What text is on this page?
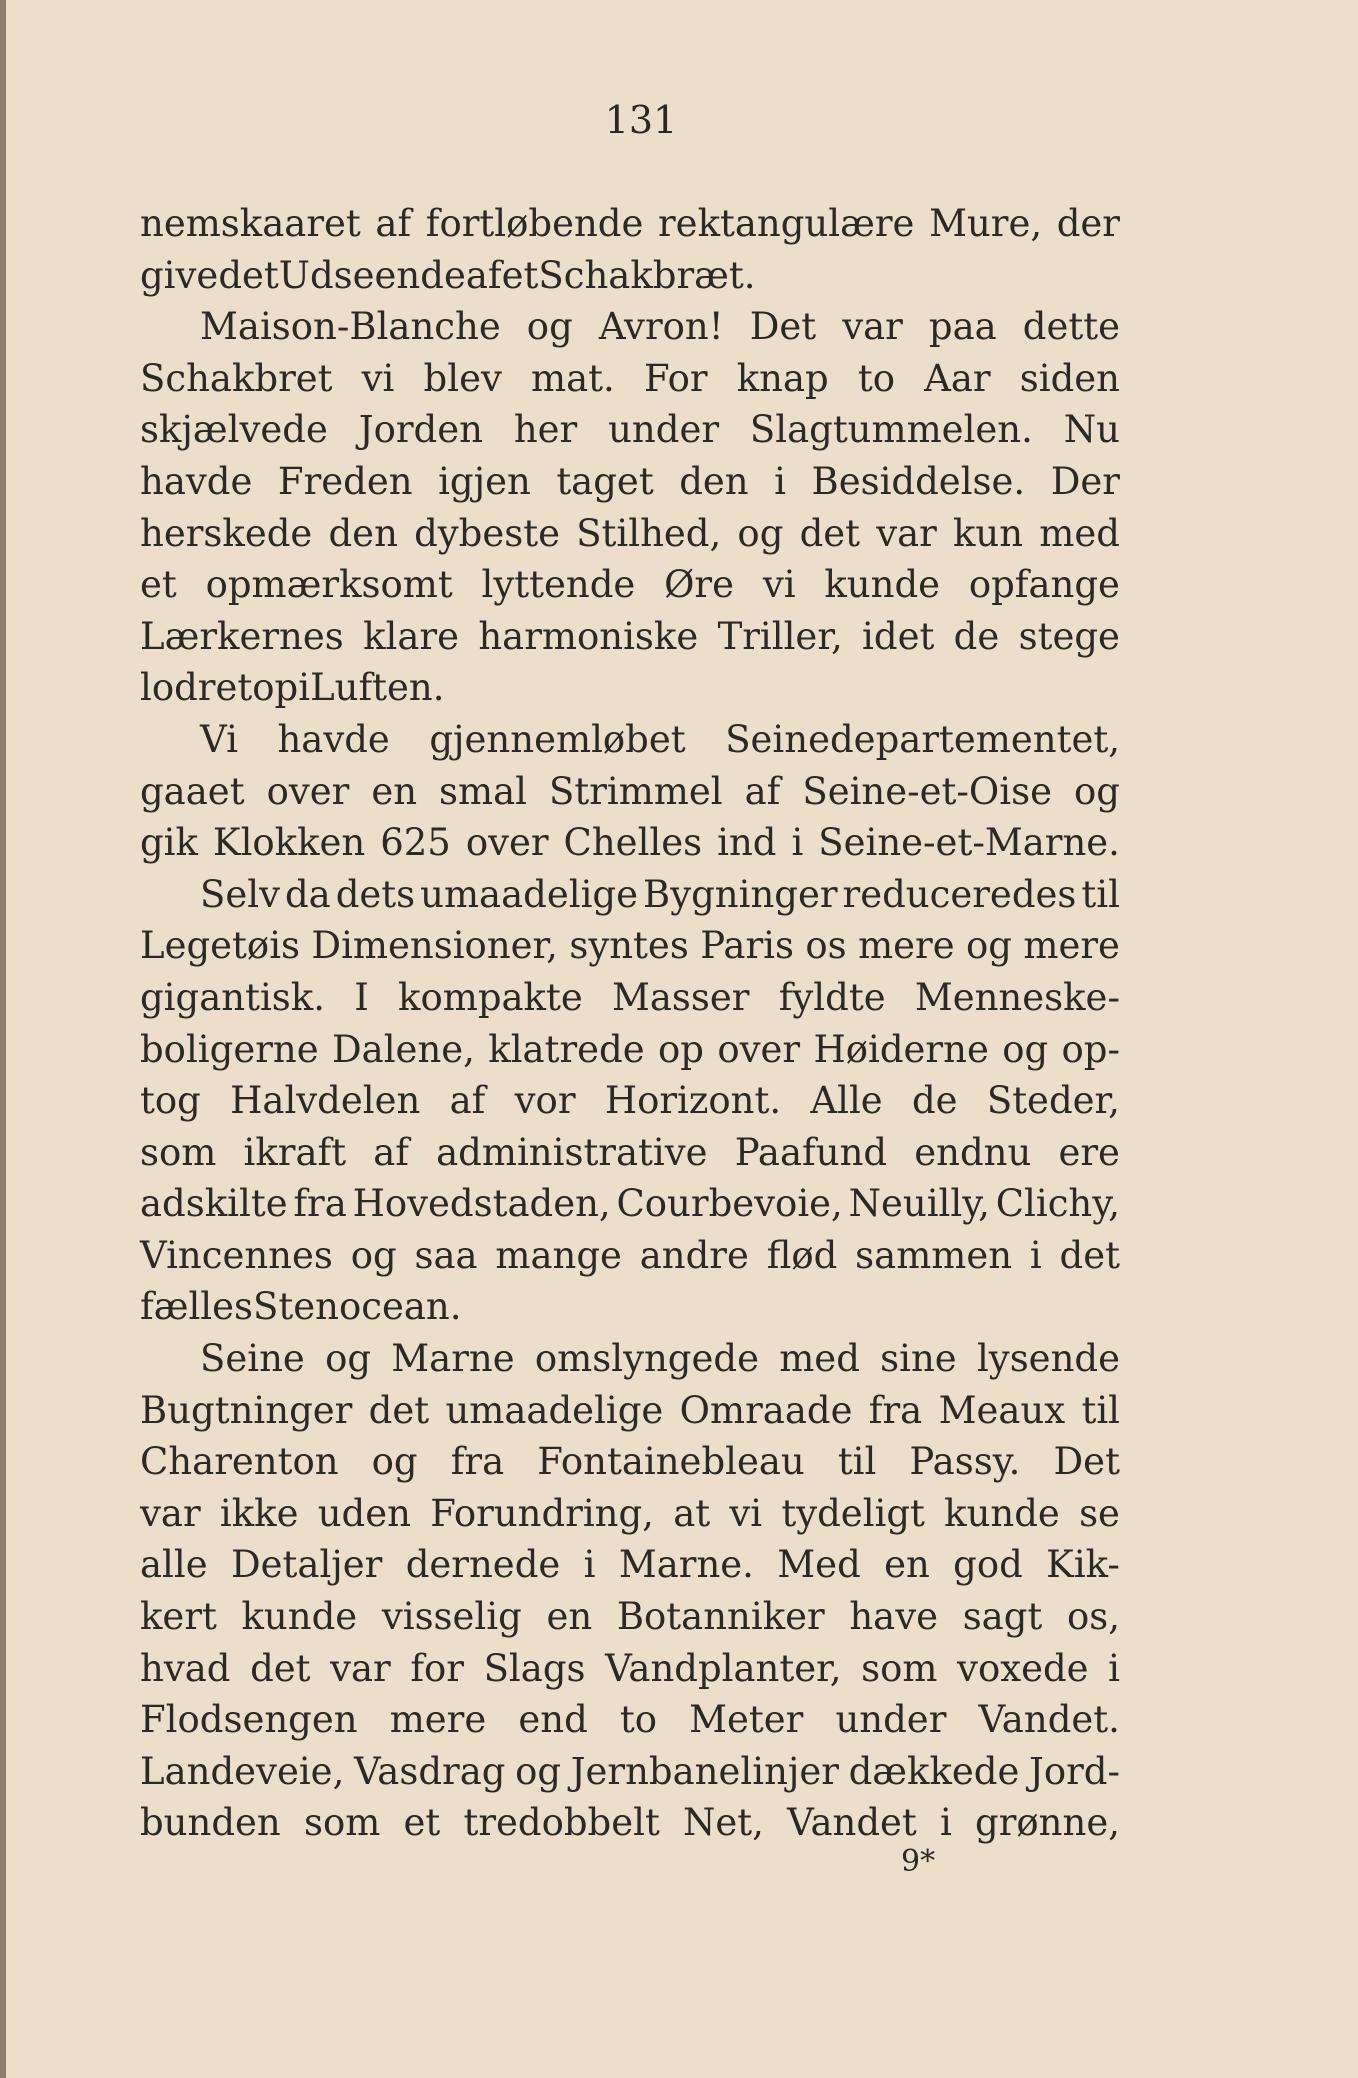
131
nemskaaret af fortløbende rektangulære Mure, der
give det Udseende af et Schakbræt.
Maison-Blanche og Avron! Det var paa dette
Schakbret vi blev mat. For knap to Aar siden
skjælvede Jorden her under Slagtummelen. Nu
havde Freden igjen taget den i Besiddelse. Der
herskede den dybeste Stilhed, og det var kun med
et opmærksomt lyttende Øre vi kunde opfange
Lærkernes klare harmoniske Triller, idet de stege
lodret op i Luften.
Vi havde gjennemløbet Seinedepartementet,
gaaet over en smal Strimmel af Seine-et-Oise og
gik Klokken 625 over Chelles ind i Seine-et-Marne.
Selv da dets umaadelige Bygninger reduceredes til
Legetøis Dimensioner, syntes Paris os mere og mere
gigantisk. I kompakte Masser fyldte Menneske-
boligerne Dalene, klatrede op over Høiderne og op-
tog Halvdelen af vor Horizont. Alle de Steder,
som ikraft af administrative Paafund endnu ere
adskilte fra Hovedstaden, Courbevoie, Neuilly, Clichy,
Vincennes og saa mange andre flød sammen i det
fælles Stenocean.
Seine og Marne omslyngede med sine lysende
Bugtninger det umaadelige Omraade fra Meaux til
Charenton og fra Fontainebleau til Passy. Det
var ikke uden Forundring, at vi tydeligt kunde se
alle Detaljer dernede i Marne. Med en god Kik-
kert kunde visselig en Botanniker have sagt os,
hvad det var for Slags Vandplanter, som voxede i
Flodsengen mere end to Meter under Vandet.
Landeveie, Vasdrag og Jernbanelinjer dækkede Jord-
bunden som et tredobbelt Net, Vandet i grønne,
9*
